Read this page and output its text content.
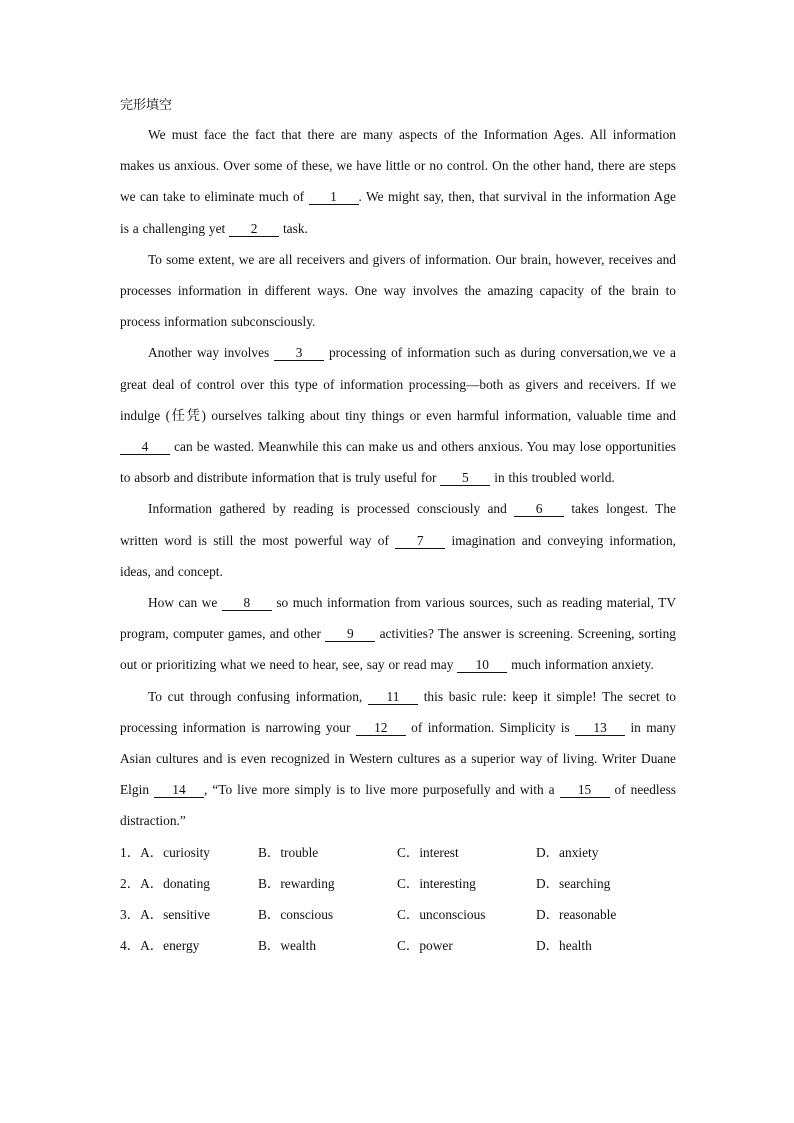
完形填空

We must face the fact that there are many aspects of the Information Ages. All information makes us anxious. Over some of these, we have little or no control. On the other hand, there are steps we can take to eliminate much of 1 . We might say, then, that survival in the information Age is a challenging yet 2 task.

To some extent, we are all receivers and givers of information. Our brain, however, receives and processes information in different ways. One way involves the amazing capacity of the brain to process information subconsciously.

Another way involves 3 processing of information such as during conversation,we ve a great deal of control over this type of information processing—both as givers and receivers. If we indulge (任凭) ourselves talking about tiny things or even harmful information, valuable time and 4 can be wasted. Meanwhile this can make us and others anxious. You may lose opportunities to absorb and distribute information that is truly useful for 5 in this troubled world.

Information gathered by reading is processed consciously and 6 takes longest. The written word is still the most powerful way of 7 imagination and conveying information, ideas, and concept.

How can we 8 so much information from various sources, such as reading material, TV program, computer games, and other 9 activities? The answer is screening. Screening, sorting out or prioritizing what we need to hear, see, say or read may 10 much information anxiety.

To cut through confusing information, 11 this basic rule: keep it simple! The secret to processing information is narrowing your 12 of information. Simplicity is 13 in many Asian cultures and is even recognized in Western cultures as a superior way of living. Writer Duane Elgin 14 , “To live more simply is to live more purposefully and with a 15 of needless distraction.”

1．A．curiosity	B．trouble	C．interest	D．anxiety
2．A．donating	B．rewarding	C．interesting	D．searching
3．A．sensitive	B．conscious	C．unconscious	D．reasonable
4．A．energy	B．wealth	C．power	D．health
